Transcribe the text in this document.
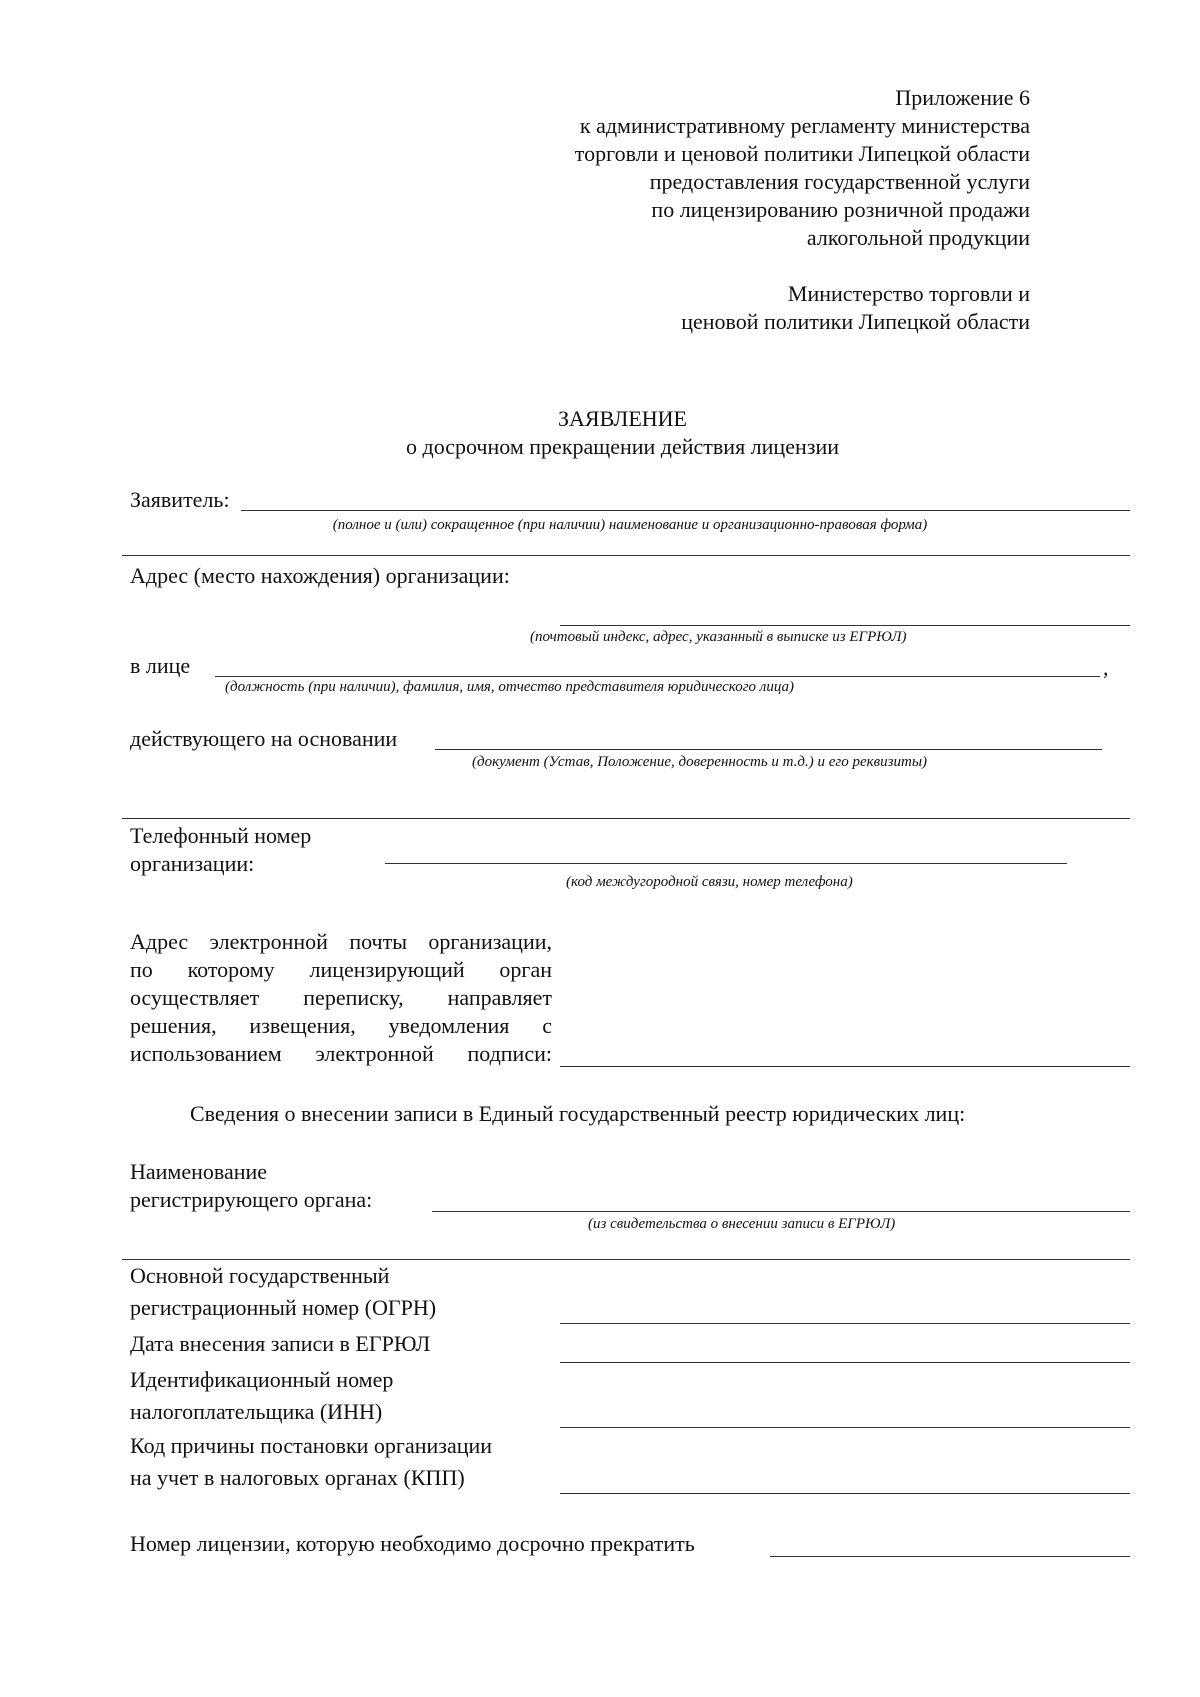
Приложение 6
к административному регламенту министерства
торговли и ценовой политики Липецкой области
предоставления государственной услуги
по лицензированию розничной продажи
алкогольной продукции
Министерство торговли и
ценовой политики Липецкой области
ЗАЯВЛЕНИЕ
о досрочном прекращении действия лицензии
Заявитель:
(полное и (или) сокращенное (при наличии) наименование и организационно-правовая форма)
Адрес (место нахождения) организации:
(почтовый индекс, адрес, указанный в выписке из ЕГРЮЛ)
в лице	,
(должность (при наличии), фамилия, имя, отчество представителя юридического лица)
действующего на основании
(документ (Устав, Положение, доверенность и т.д.) и его реквизиты)
Телефонный номер
организации:
(код междугородной связи, номер телефона)
Адрес электронной почты организации,
по которому лицензирующий орган
осуществляет переписку, направляет
решения, извещения, уведомления с
использованием электронной подписи:
Сведения о внесении записи в Единый государственный реестр юридических лиц:
Наименование
регистрирующего органа:
(из свидетельства о внесении записи в ЕГРЮЛ)
Основной государственный
регистрационный номер (ОГРН)
Дата внесения записи в ЕГРЮЛ
Идентификационный номер
налогоплательщика (ИНН)
Код причины постановки организации
на учет в налоговых органах (КПП)
Номер лицензии, которую необходимо досрочно прекратить
